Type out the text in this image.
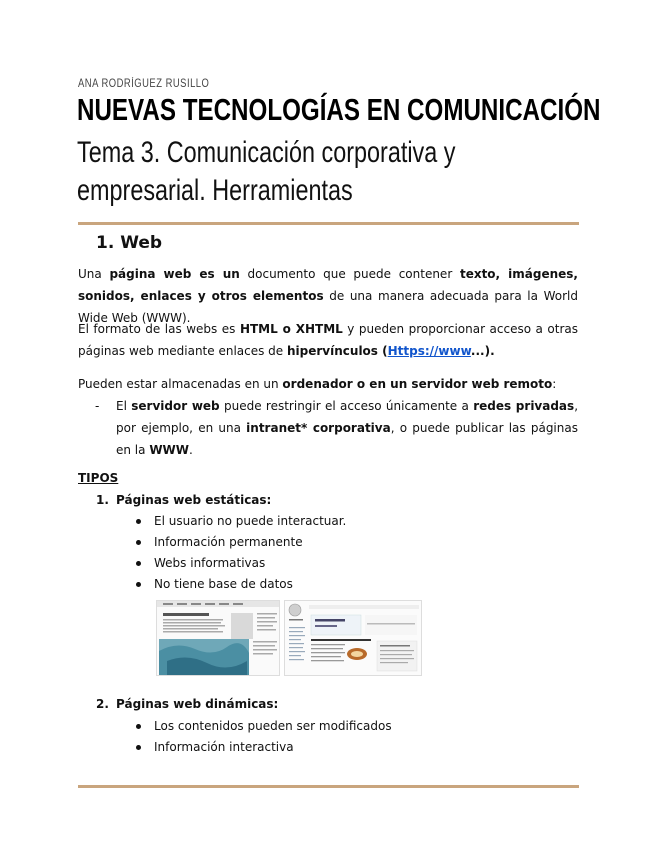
ANA RODRÍGUEZ RUSILLO
NUEVAS TECNOLOGÍAS EN COMUNICACIÓN
Tema 3. Comunicación corporativa y empresarial. Herramientas
1. Web
Una página web es un documento que puede contener texto, imágenes, sonidos, enlaces y otros elementos de una manera adecuada para la World Wide Web (WWW).
El formato de las webs es HTML o XHTML y pueden proporcionar acceso a otras páginas web mediante enlaces de hipervínculos (Https://www...).
Pueden estar almacenadas en un ordenador o en un servidor web remoto:
- El servidor web puede restringir el acceso únicamente a redes privadas, por ejemplo, en una intranet* corporativa, o puede publicar las páginas en la WWW.
TIPOS
1. Páginas web estáticas:
El usuario no puede interactuar.
Información permanente
Webs informativas
No tiene base de datos
2. Páginas web dinámicas:
Los contenidos pueden ser modificados
Información interactiva
